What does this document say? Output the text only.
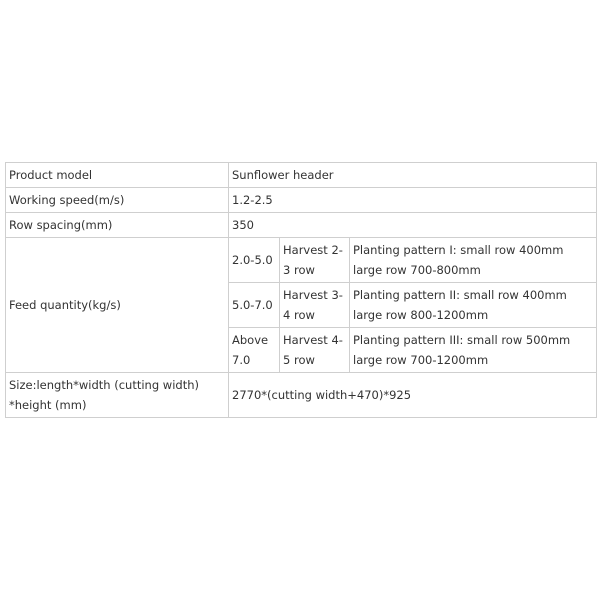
Product model	Sunflower header		
Working speed(m/s)	1.2-2.5		
Row spacing(mm)	350		
Feed quantity(kg/s)	2.0-5.0	Harvest 2-3 row	Planting pattern I: small row 400mm large row 700-800mm
	5.0-7.0	Harvest 3-4 row	Planting pattern II: small row 400mm large row 800-1200mm
	Above 7.0	Harvest 4-5 row	Planting pattern III: small row 500mm large row 700-1200mm
Size:length*width (cutting width) *height (mm)	2770*(cutting width+470)*925		
